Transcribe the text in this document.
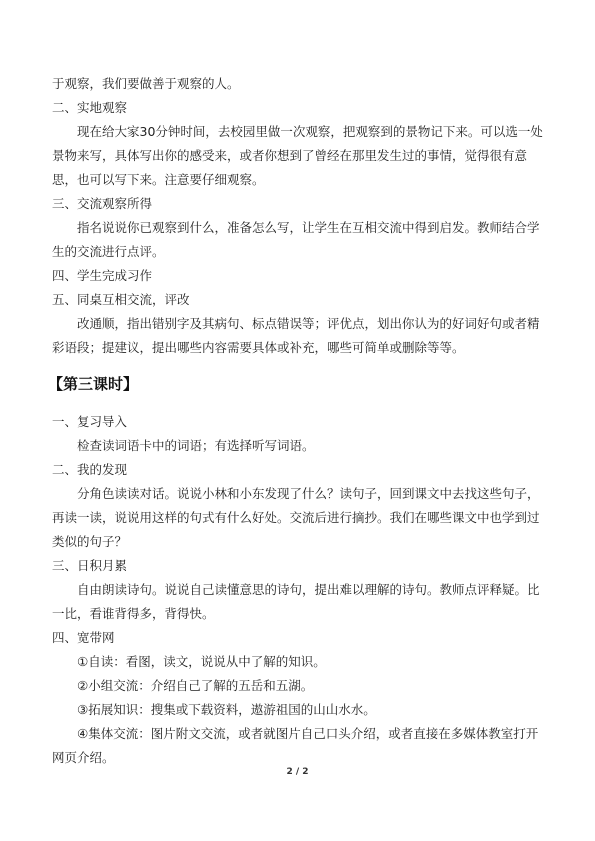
于观察，我们要做善于观察的人。

二、实地观察

现在给大家30分钟时间，去校园里做一次观察，把观察到的景物记下来。可以选一处景物来写，具体写出你的感受来，或者你想到了曾经在那里发生过的事情，觉得很有意思，也可以写下来。注意要仔细观察。

三、交流观察所得

指名说说你已观察到什么，准备怎么写，让学生在互相交流中得到启发。教师结合学生的交流进行点评。

四、学生完成习作

五、同桌互相交流，评改

改通顺，指出错别字及其病句、标点错误等；评优点，划出你认为的好词好句或者精彩语段；提建议，提出哪些内容需要具体或补充，哪些可简单或删除等等。

【第三课时】

一、复习导入

检查读词语卡中的词语；有选择听写词语。

二、我的发现

分角色读读对话。说说小林和小东发现了什么？读句子，回到课文中去找这些句子，再读一读，说说用这样的句式有什么好处。交流后进行摘抄。我们在哪些课文中也学到过类似的句子？

三、日积月累

自由朗读诗句。说说自己读懂意思的诗句，提出难以理解的诗句。教师点评释疑。比一比，看谁背得多，背得快。

四、宽带网

①自读：看图，读文，说说从中了解的知识。

②小组交流：介绍自己了解的五岳和五湖。

③拓展知识：搜集或下载资料，遨游祖国的山山水水。

④集体交流：图片附文交流，或者就图片自己口头介绍，或者直接在多媒体教室打开网页介绍。

2 / 2
